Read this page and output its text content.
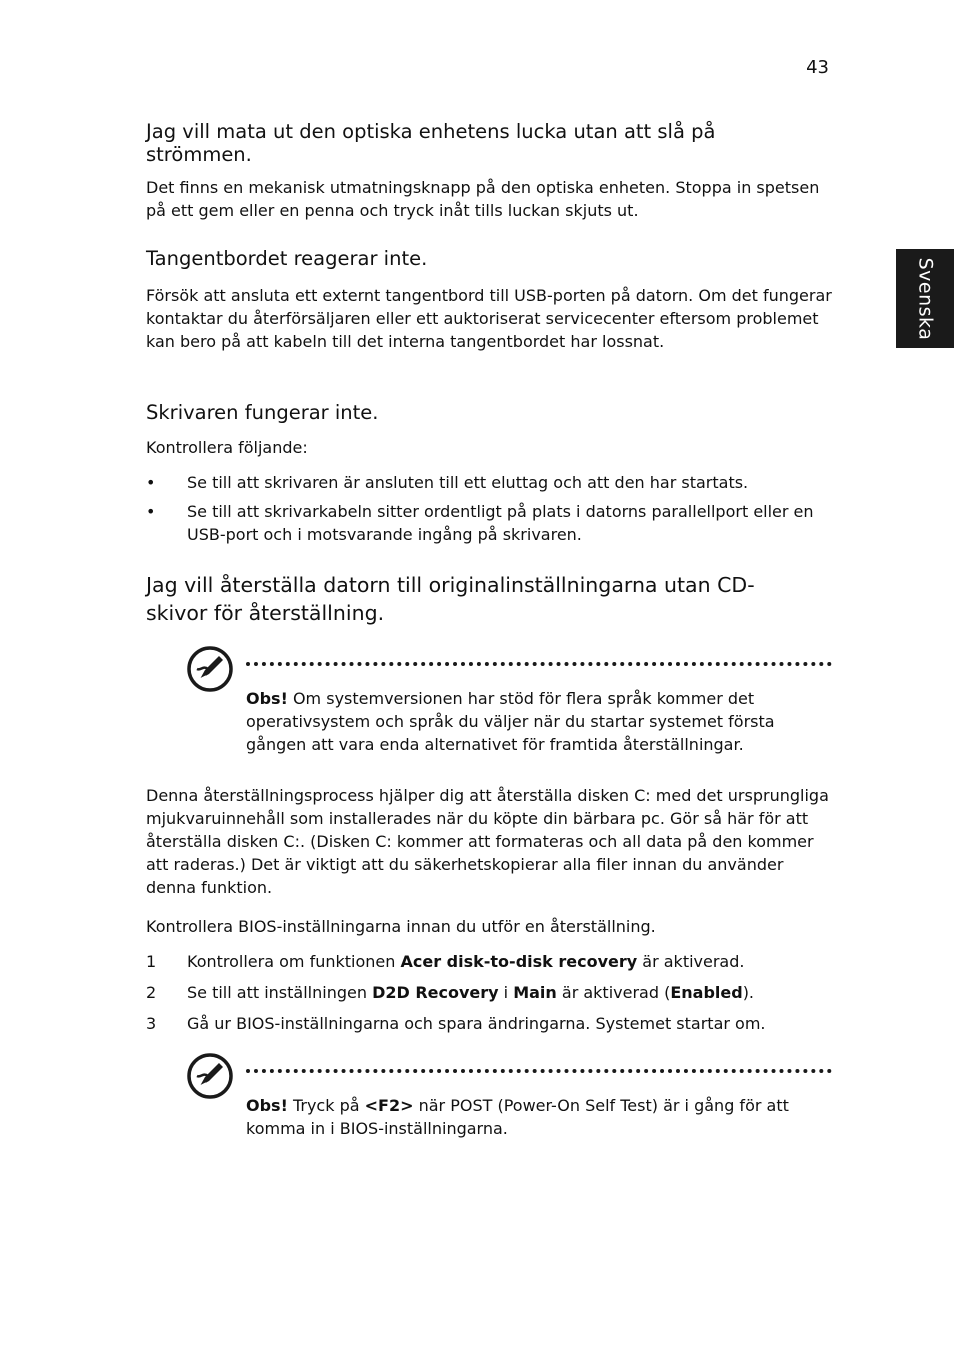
43
Svenska
Jag vill mata ut den optiska enhetens lucka utan att slå på strömmen.

Det finns en mekanisk utmatningsknapp på den optiska enheten. Stoppa in spetsen på ett gem eller en penna och tryck inåt tills luckan skjuts ut.

Tangentbordet reagerar inte.

Försök att ansluta ett externt tangentbord till USB-porten på datorn. Om det fungerar kontaktar du återförsäljaren eller ett auktoriserat servicecenter eftersom problemet kan bero på att kabeln till det interna tangentbordet har lossnat.

Skrivaren fungerar inte.

Kontrollera följande:

•	Se till att skrivaren är ansluten till ett eluttag och att den har startats.
•	Se till att skrivarkabeln sitter ordentligt på plats i datorns parallellport eller en USB-port och i motsvarande ingång på skrivaren.
Jag vill återställa datorn till originalinställningarna utan CD-skivor för återställning.

Obs! Om systemversionen har stöd för flera språk kommer det operativsystem och språk du väljer när du startar systemet första gången att vara enda alternativet för framtida återställningar.

Denna återställningsprocess hjälper dig att återställa disken C: med det ursprungliga mjukvaruinnehåll som installerades när du köpte din bärbara pc. Gör så här för att återställa disken C:. (Disken C: kommer att formateras och all data på den kommer att raderas.) Det är viktigt att du säkerhetskopierar alla filer innan du använder denna funktion.

Kontrollera BIOS-inställningarna innan du utför en återställning.

1	Kontrollera om funktionen Acer disk-to-disk recovery är aktiverad.
2	Se till att inställningen D2D Recovery i Main är aktiverad (Enabled).
3	Gå ur BIOS-inställningarna och spara ändringarna. Systemet startar om.

Obs! Tryck på <F2> när POST (Power-On Self Test) är i gång för att komma in i BIOS-inställningarna.
